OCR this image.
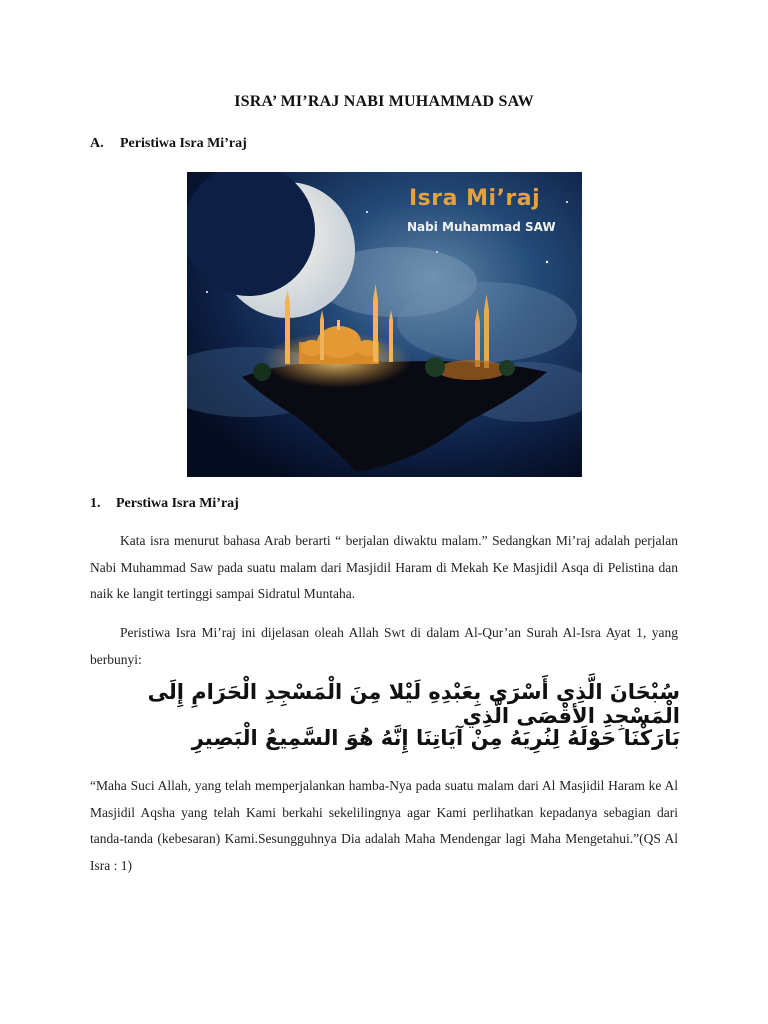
ISRA’ MI’RAJ NABI MUHAMMAD SAW
A. Peristiwa Isra Mi’raj
Isra Mi’raj
Nabi Muhammad SAW
1. Perstiwa Isra Mi’raj
Kata isra menurut bahasa Arab berarti “ berjalan diwaktu malam.” Sedangkan Mi’raj adalah perjalan Nabi Muhammad Saw pada suatu malam dari Masjidil Haram di Mekah Ke Masjidil Asqa di Pelistina dan naik ke langit tertinggi sampai Sidratul Muntaha.
Peristiwa Isra Mi’raj ini dijelasan oleah Allah Swt di dalam Al-Qur’an Surah Al-Isra Ayat 1, yang berbunyi:
سُبْحَانَ الَّذِي أَسْرَى بِعَبْدِهِ لَيْلا مِنَ الْمَسْجِدِ الْحَرَامِ إِلَى الْمَسْجِدِ الأقْصَى الَّذِي
بَارَكْنَا حَوْلَهُ لِنُرِيَهُ مِنْ آيَاتِنَا إِنَّهُ هُوَ السَّمِيعُ الْبَصِيرِ
“Maha Suci Allah, yang telah memperjalankan hamba-Nya pada suatu malam dari Al Masjidil Haram ke Al Masjidil Aqsha yang telah Kami berkahi sekelilingnya agar Kami perlihatkan kepadanya sebagian dari tanda-tanda (kebesaran) Kami.Sesungguhnya Dia adalah Maha Mendengar lagi Maha Mengetahui.”(QS Al Isra : 1)
